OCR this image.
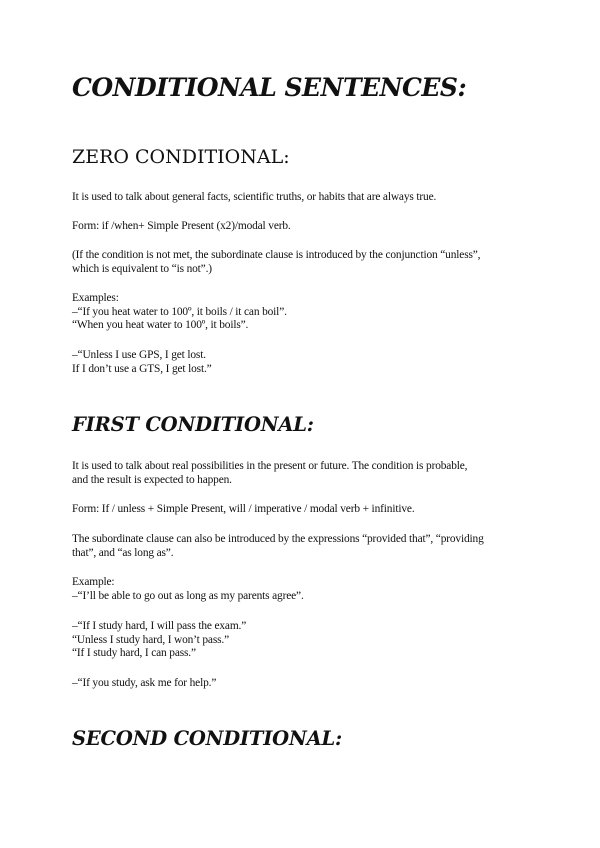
CONDITIONAL SENTENCES:
ZERO CONDITIONAL:

It is used to talk about general facts, scientific truths, or habits that are always true.

Form: if /when+ Simple Present (x2)/modal verb.

(If the condition is not met, the subordinate clause is introduced by the conjunction “unless”,
which is equivalent to “is not”.)

Examples:
–“If you heat water to 100º, it boils / it can boil”.
“When you heat water to 100º, it boils”.

–“Unless I use GPS, I get lost.
If I don’t use a GTS, I get lost.”

FIRST CONDITIONAL:

It is used to talk about real possibilities in the present or future. The condition is probable,
and the result is expected to happen.

Form: If / unless + Simple Present, will / imperative / modal verb + infinitive.

The subordinate clause can also be introduced by the expressions “provided that”, “providing
that”, and “as long as”.

Example:
–“I’ll be able to go out as long as my parents agree”.

–“If I study hard, I will pass the exam.”
“Unless I study hard, I won’t pass.”
“If I study hard, I can pass.”

–“If you study, ask me for help.”

SECOND CONDITIONAL:
